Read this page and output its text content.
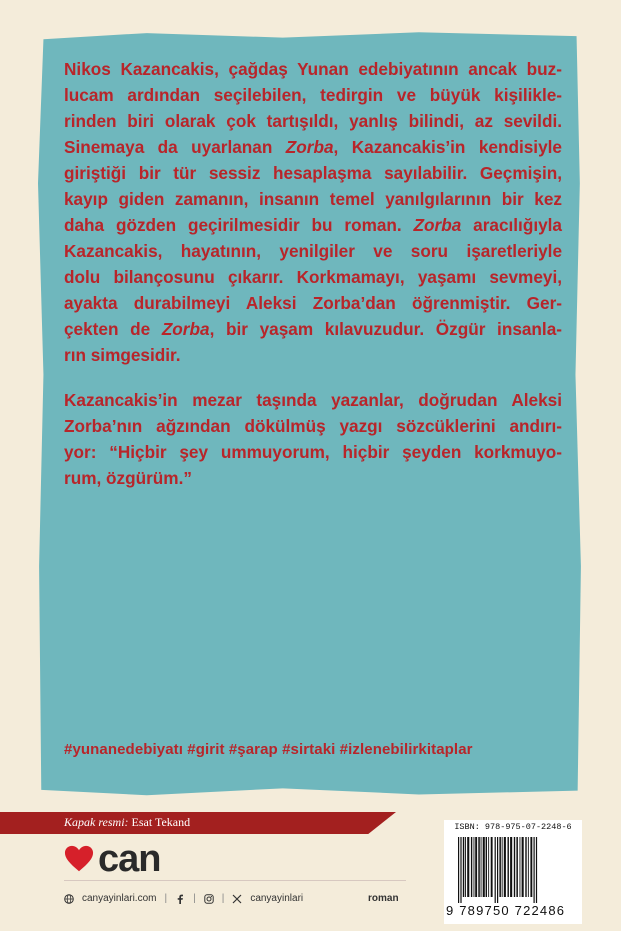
Nikos Kazancakis, çağdaş Yunan edebiyatının ancak buz-
lucam ardından seçilebilen, tedirgin ve büyük kişilikle-
rinden biri olarak çok tartışıldı, yanlış bilindi, az sevildi.
Sinemaya da uyarlanan Zorba, Kazancakis’in kendisiyle
giriştiği bir tür sessiz hesaplaşma sayılabilir. Geçmişin,
kayıp giden zamanın, insanın temel yanılgılarının bir kez
daha gözden geçirilmesidir bu roman. Zorba aracılığıyla
Kazancakis, hayatının, yenilgiler ve soru işaretleriyle
dolu bilançosunu çıkarır. Korkmamayı, yaşamı sevmeyi,
ayakta durabilmeyi Aleksi Zorba’dan öğrenmiştir. Ger-
çekten de Zorba, bir yaşam kılavuzudur. Özgür insanla-
rın simgesidir.
Kazancakis’in mezar taşında yazanlar, doğrudan Aleksi
Zorba’nın ağzından dökülmüş yazgı sözcüklerini andırı-
yor: “Hiçbir şey ummuyorum, hiçbir şeyden korkmuyo-
rum, özgürüm.”
#yunanedebiyatı #girit #şarap #sirtaki #izlenebilirkitaplar
Kapak resmi: Esat Tekand
can
canyayinlari.com |	|	|	canyayinlari	roman
ISBN: 978-975-07-2248-6
9 789750 722486
